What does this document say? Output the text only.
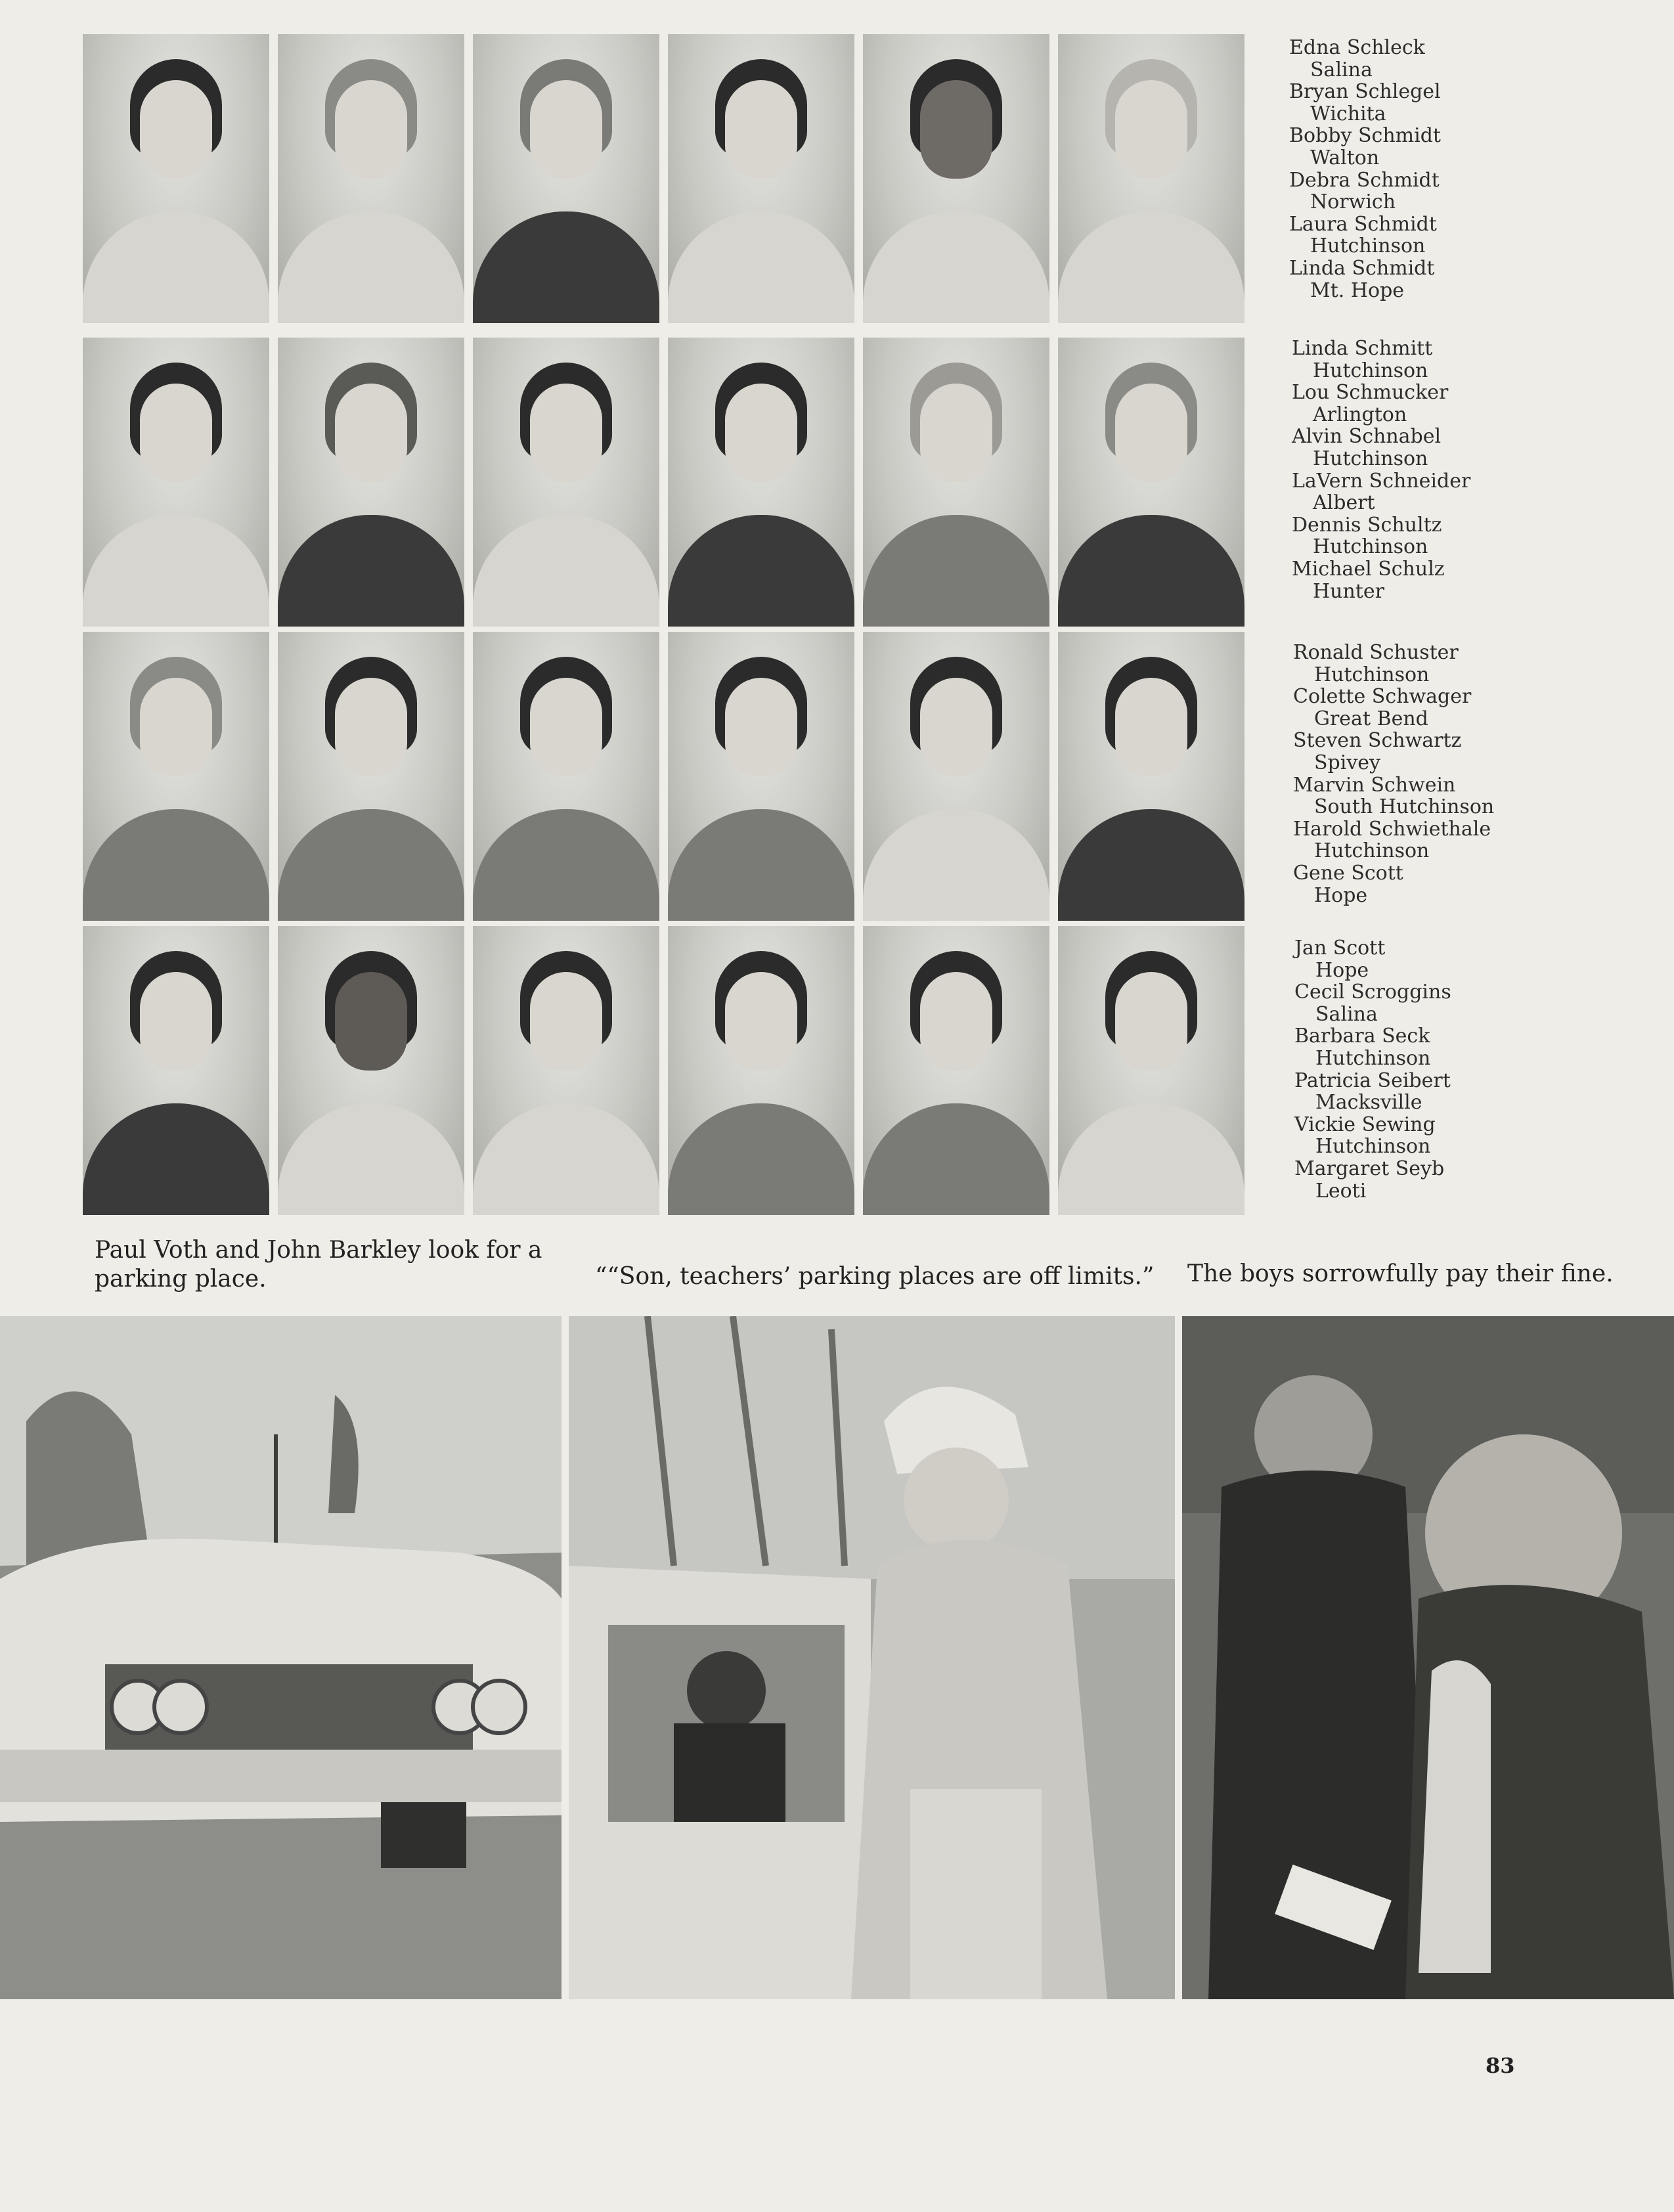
Edna Schleck
Salina
Bryan Schlegel
Wichita
Bobby Schmidt
Walton
Debra Schmidt
Norwich
Laura Schmidt
Hutchinson
Linda Schmidt
Mt. Hope
Linda Schmitt
Hutchinson
Lou Schmucker
Arlington
Alvin Schnabel
Hutchinson
LaVern Schneider
Albert
Dennis Schultz
Hutchinson
Michael Schulz
Hunter
Ronald Schuster
Hutchinson
Colette Schwager
Great Bend
Steven Schwartz
Spivey
Marvin Schwein
South Hutchinson
Harold Schwiethale
Hutchinson
Gene Scott
Hope
Jan Scott
Hope
Cecil Scroggins
Salina
Barbara Seck
Hutchinson
Patricia Seibert
Macksville
Vickie Sewing
Hutchinson
Margaret Seyb
Leoti
Paul Voth and John Barkley look for a parking place.	““Son, teachers’ parking places are off limits.”	The boys sorrowfully pay their fine.
83
